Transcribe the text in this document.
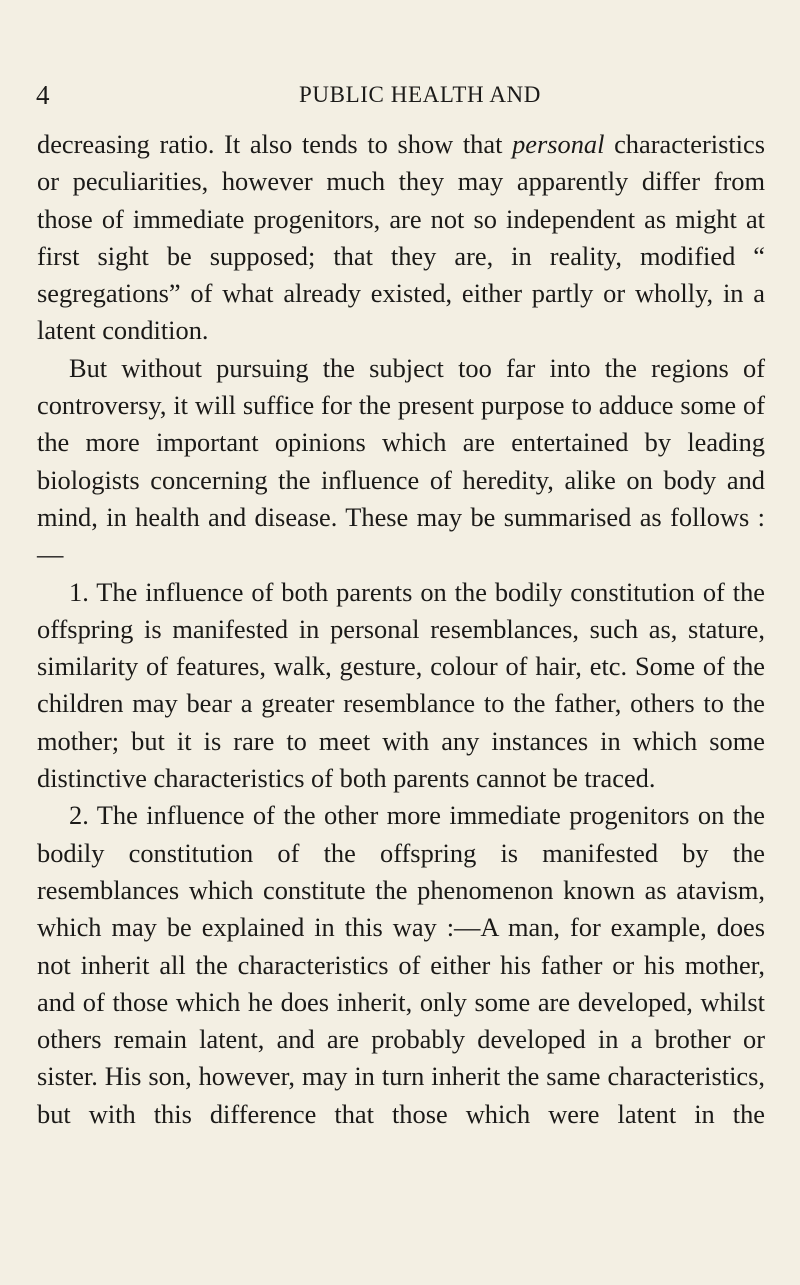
4	PUBLIC HEALTH AND

decreasing ratio. It also tends to show that personal characteristics or peculiarities, however much they may apparently differ from those of immediate progenitors, are not so independent as might at first sight be supposed; that they are, in reality, modified “ segregations” of what already existed, either partly or wholly, in a latent condition.

But without pursuing the subject too far into the regions of controversy, it will suffice for the present purpose to adduce some of the more important opinions which are entertained by leading biologists concerning the influence of heredity, alike on body and mind, in health and disease. These may be summarised as follows :—

1. The influence of both parents on the bodily constitution of the offspring is manifested in personal resemblances, such as, stature, similarity of features, walk, gesture, colour of hair, etc. Some of the children may bear a greater resemblance to the father, others to the mother; but it is rare to meet with any instances in which some distinctive characteristics of both parents cannot be traced.

2. The influence of the other more immediate progenitors on the bodily constitution of the offspring is manifested by the resemblances which constitute the phenomenon known as atavism, which may be explained in this way :—A man, for example, does not inherit all the characteristics of either his father or his mother, and of those which he does inherit, only some are developed, whilst others remain latent, and are probably developed in a brother or sister. His son, however, may in turn inherit the same characteristics, but with this difference that those which were latent in the
